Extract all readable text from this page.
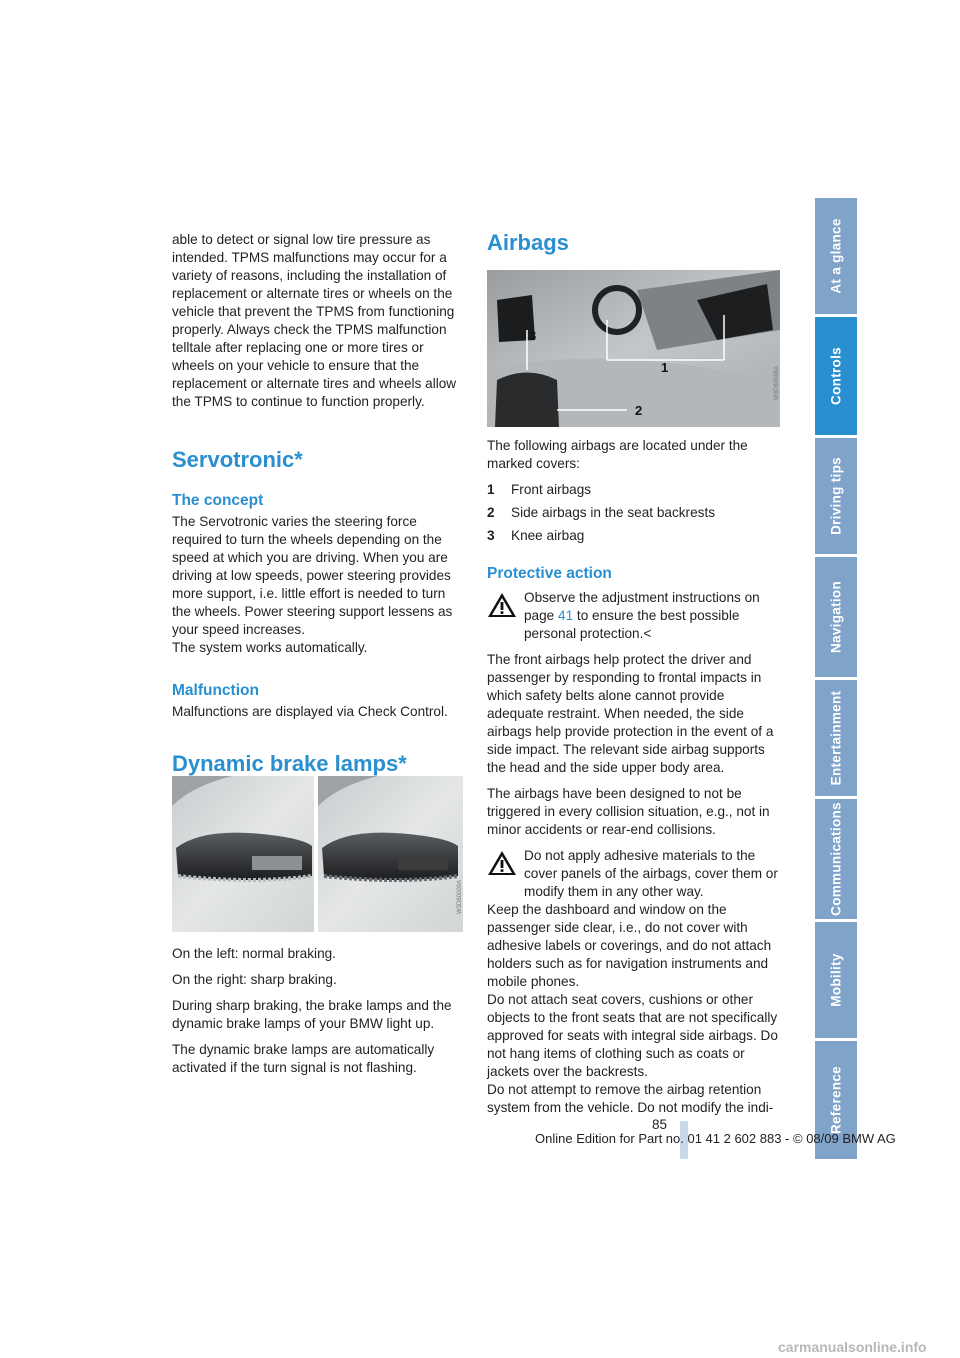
able to detect or signal low tire pressure as intended. TPMS malfunctions may occur for a variety of reasons, including the installation of replacement or alternate tires or wheels on the vehicle that prevent the TPMS from functioning properly. Always check the TPMS malfunction telltale after replacing one or more tires or wheels on your vehicle to ensure that the replacement or alternate tires and wheels allow the TPMS to continue to function properly.

Servotronic*
The concept

The Servotronic varies the steering force required to turn the wheels depending on the speed at which you are driving. When you are driving at low speeds, power steering provides more support, i.e. little effort is needed to turn the wheels. Power steering support lessens as your speed increases.

The system works automatically.

Malfunction

Malfunctions are displayed via Check Control.

Dynamic brake lamps*
W3D60009A

On the left: normal braking.

On the right: sharp braking.

During sharp braking, the brake lamps and the dynamic brake lamps of your BMW light up.

The dynamic brake lamps are automatically activated if the turn signal is not flashing.

Airbags
1
2
3
W3D60036A

The following airbags are located under the marked covers:

1	Front airbags
2	Side airbags in the seat backrests
3	Knee airbag
Protective action
Observe the adjustment instructions on page 41 to ensure the best possible personal protection.<

The front airbags help protect the driver and passenger by responding to frontal impacts in which safety belts alone cannot provide adequate restraint. When needed, the side airbags help provide protection in the event of a side impact. The relevant side airbag supports the head and the side upper body area.

The airbags have been designed to not be triggered in every collision situation, e.g., not in minor accidents or rear-end collisions.

Do not apply adhesive materials to the cover panels of the airbags, cover them or modify them in any other way.

Keep the dashboard and window on the passenger side clear, i.e., do not cover with adhesive labels or coverings, and do not attach holders such as for navigation instruments and mobile phones.

Do not attach seat covers, cushions or other objects to the front seats that are not specifically approved for seats with integral side airbags. Do not hang items of clothing such as coats or jackets over the backrests.

Do not attempt to remove the airbag retention system from the vehicle. Do not modify the indi-

At a glance
Controls
Driving tips
Navigation
Entertainment
Communications
Mobility
Reference
85
Online Edition for Part no. 01 41 2 602 883 - © 08/09 BMW AG
carmanualsonline.info
